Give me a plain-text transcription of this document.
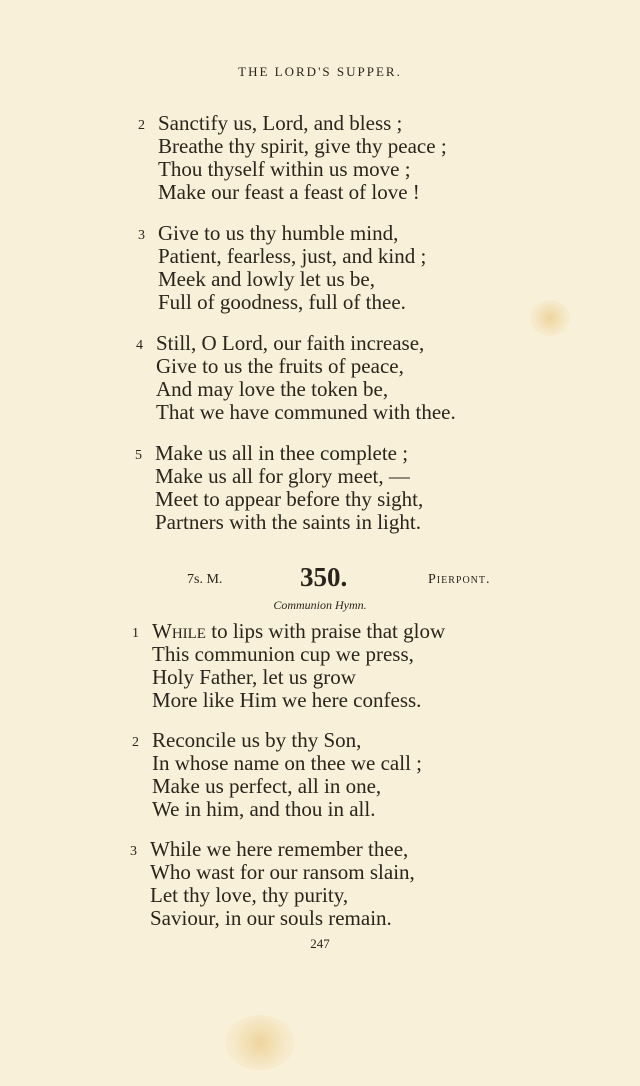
THE LORD'S SUPPER.
2 Sanctify us, Lord, and bless ;
Breathe thy spirit, give thy peace ;
Thou thyself within us move ;
Make our feast a feast of love !
3 Give to us thy humble mind,
Patient, fearless, just, and kind ;
Meek and lowly let us be,
Full of goodness, full of thee.
4 Still, O Lord, our faith increase,
Give to us the fruits of peace,
And may love the token be,
That we have communed with thee.
5 Make us all in thee complete ;
Make us all for glory meet, —
Meet to appear before thy sight,
Partners with the saints in light.
7s. M.	350.	Pierpont.
Communion Hymn.
1 While to lips with praise that glow
This communion cup we press,
Holy Father, let us grow
More like Him we here confess.
2 Reconcile us by thy Son,
In whose name on thee we call ;
Make us perfect, all in one,
We in him, and thou in all.
3 While we here remember thee,
Who wast for our ransom slain,
Let thy love, thy purity,
Saviour, in our souls remain.
247
